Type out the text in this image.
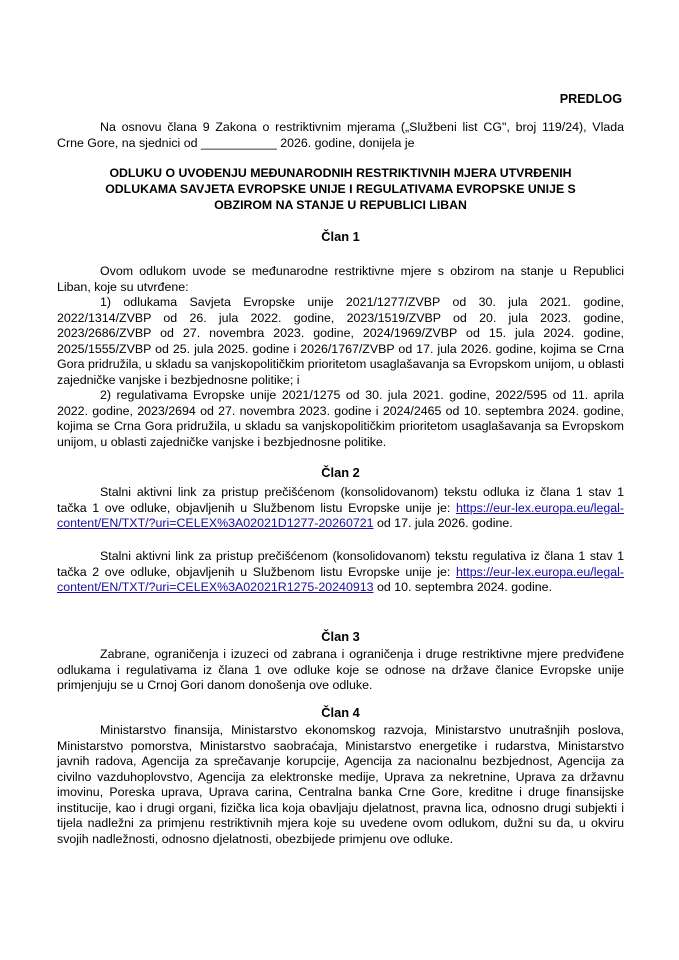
PREDLOG

Na osnovu člana 9 Zakona o restriktivnim mjerama („Službeni list CG", broj 119/24), Vlada Crne Gore, na sjednici od ___________ 2026. godine, donijela je

ODLUKU O UVOĐENJU MEĐUNARODNIH RESTRIKTIVNIH MJERA UTVRĐENIH
ODLUKAMA SAVJETA EVROPSKE UNIJE I REGULATIVAMA EVROPSKE UNIJE S
OBZIROM NA STANJE U REPUBLICI LIBAN
Član 1

Ovom odlukom uvode se međunarodne restriktivne mjere s obzirom na stanje u Republici Liban, koje su utvrđene:

1) odlukama Savjeta Evropske unije 2021/1277/ZVBP od 30. jula 2021. godine, 2022/1314/ZVBP od 26. jula 2022. godine, 2023/1519/ZVBP od 20. jula 2023. godine, 2023/2686/ZVBP od 27. novembra 2023. godine, 2024/1969/ZVBP od 15. jula 2024. godine, 2025/1555/ZVBP od 25. jula 2025. godine i 2026/1767/ZVBP od 17. jula 2026. godine, kojima se Crna Gora pridružila, u skladu sa vanjskopolitičkim prioritetom usaglašavanja sa Evropskom unijom, u oblasti zajedničke vanjske i bezbjednosne politike; i

2) regulativama Evropske unije 2021/1275 od 30. jula 2021. godine, 2022/595 od 11. aprila 2022. godine, 2023/2694 od 27. novembra 2023. godine i 2024/2465 od 10. septembra 2024. godine, kojima se Crna Gora pridružila, u skladu sa vanjskopolitičkim prioritetom usaglašavanja sa Evropskom unijom, u oblasti zajedničke vanjske i bezbjednosne politike.

Član 2

Stalni aktivni link za pristup prečišćenom (konsolidovanom) tekstu odluka iz člana 1 stav 1 tačka 1 ove odluke, objavljenih u Službenom listu Evropske unije je: https://eur-lex.europa.eu/legal-content/EN/TXT/?uri=CELEX%3A02021D1277-20260721 od 17. jula 2026. godine.

Stalni aktivni link za pristup prečišćenom (konsolidovanom) tekstu regulativa iz člana 1 stav 1 tačka 2 ove odluke, objavljenih u Službenom listu Evropske unije je: https://eur-lex.europa.eu/legal-content/EN/TXT/?uri=CELEX%3A02021R1275-20240913 od 10. septembra 2024. godine.

Član 3

Zabrane, ograničenja i izuzeci od zabrana i ograničenja i druge restriktivne mjere predviđene odlukama i regulativama iz člana 1 ove odluke koje se odnose na države članice Evropske unije primjenjuju se u Crnoj Gori danom donošenja ove odluke.

Član 4

Ministarstvo finansija, Ministarstvo ekonomskog razvoja, Ministarstvo unutrašnjih poslova, Ministarstvo pomorstva, Ministarstvo saobraćaja, Ministarstvo energetike i rudarstva, Ministarstvo javnih radova, Agencija za sprečavanje korupcije, Agencija za nacionalnu bezbjednost, Agencija za civilno vazduhoplovstvo, Agencija za elektronske medije, Uprava za nekretnine, Uprava za državnu imovinu, Poreska uprava, Uprava carina, Centralna banka Crne Gore, kreditne i druge finansijske institucije, kao i drugi organi, fizička lica koja obavljaju djelatnost, pravna lica, odnosno drugi subjekti i tijela nadležni za primjenu restriktivnih mjera koje su uvedene ovom odlukom, dužni su da, u okviru svojih nadležnosti, odnosno djelatnosti, obezbijede primjenu ove odluke.
